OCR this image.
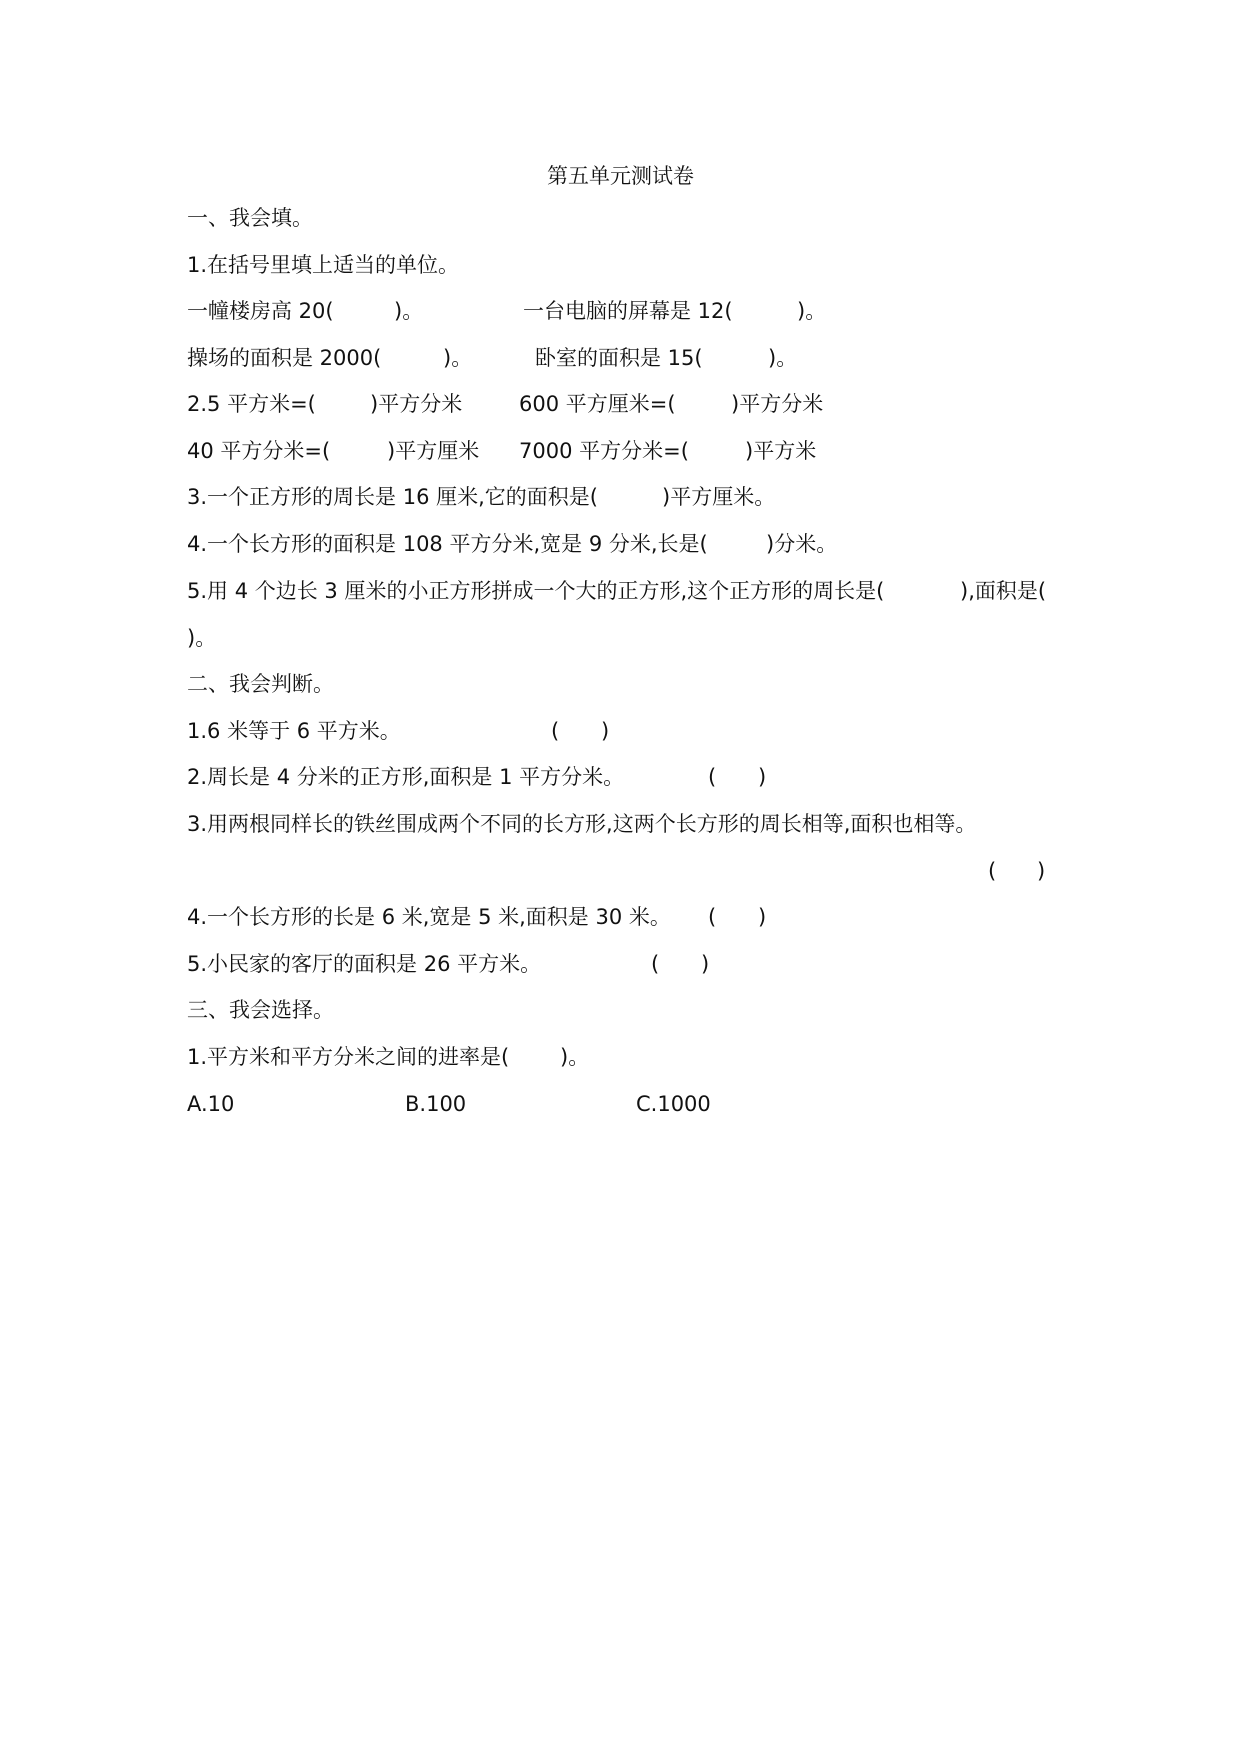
第五单元测试卷
一、我会填。
1.在括号里填上适当的单位。
一幢楼房高 20(	)。	一台电脑的屏幕是 12(	)。
操场的面积是 2000(	)。	卧室的面积是 15(	)。
2.5 平方米=(	)平方分米	600 平方厘米=(	)平方分米
40 平方分米=(	)平方厘米 7000 平方分米=(	)平方米
3.一个正方形的周长是 16 厘米,它的面积是(	)平方厘米。
4.一个长方形的面积是 108 平方分米,宽是 9 分米,长是(	)分米。
5.用 4 个边长 3 厘米的小正方形拼成一个大的正方形,这个正方形的周长是(	),面积是(
)。
二、我会判断。
1.6 米等于 6 平方米。	( )
2.周长是 4 分米的正方形,面积是 1 平方分米。	( )
3.用两根同样长的铁丝围成两个不同的长方形,这两个长方形的周长相等,面积也相等。
( )
4.一个长方形的长是 6 米,宽是 5 米,面积是 30 米。 ( )
5.小民家的客厅的面积是 26 平方米。	( )
三、我会选择。
1.平方米和平方分米之间的进率是( )。
A.10	B.100	C.1000
